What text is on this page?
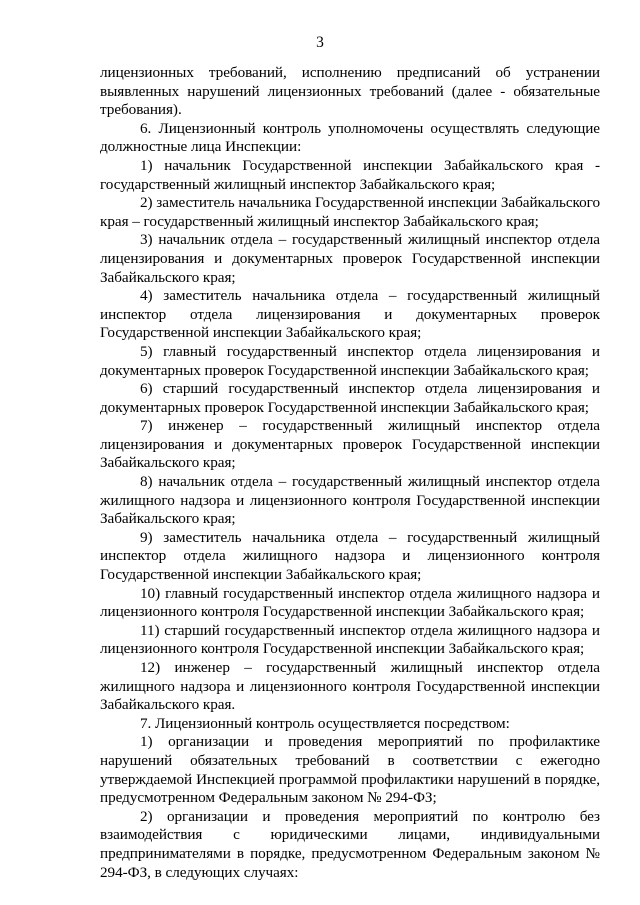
3

лицензионных требований, исполнению предписаний об устранении выявленных нарушений лицензионных требований (далее - обязательные требования).

6. Лицензионный контроль уполномочены осуществлять следующие должностные лица Инспекции:

1) начальник Государственной инспекции Забайкальского края - государственный жилищный инспектор Забайкальского края;

2) заместитель начальника Государственной инспекции Забайкальского края – государственный жилищный инспектор Забайкальского края;

3) начальник отдела – государственный жилищный инспектор отдела лицензирования и документарных проверок Государственной инспекции Забайкальского края;

4) заместитель начальника отдела – государственный жилищный инспектор отдела лицензирования и документарных проверок Государственной инспекции Забайкальского края;

5) главный государственный инспектор отдела лицензирования и документарных проверок Государственной инспекции Забайкальского края;

6) старший государственный инспектор отдела лицензирования и документарных проверок Государственной инспекции Забайкальского края;

7) инженер – государственный жилищный инспектор отдела лицензирования и документарных проверок Государственной инспекции Забайкальского края;

8) начальник отдела – государственный жилищный инспектор отдела жилищного надзора и лицензионного контроля Государственной инспекции Забайкальского края;

9) заместитель начальника отдела – государственный жилищный инспектор отдела жилищного надзора и лицензионного контроля Государственной инспекции Забайкальского края;

10) главный государственный инспектор отдела жилищного надзора и лицензионного контроля Государственной инспекции Забайкальского края;

11) старший государственный инспектор отдела жилищного надзора и лицензионного контроля Государственной инспекции Забайкальского края;

12) инженер – государственный жилищный инспектор отдела жилищного надзора и лицензионного контроля Государственной инспекции Забайкальского края.

7. Лицензионный контроль осуществляется посредством:

1) организации и проведения мероприятий по профилактике нарушений обязательных требований в соответствии с ежегодно утверждаемой Инспекцией программой профилактики нарушений в порядке, предусмотренном Федеральным законом № 294-ФЗ;

2) организации и проведения мероприятий по контролю без взаимодействия с юридическими лицами, индивидуальными предпринимателями в порядке, предусмотренном Федеральным законом № 294-ФЗ, в следующих случаях:
